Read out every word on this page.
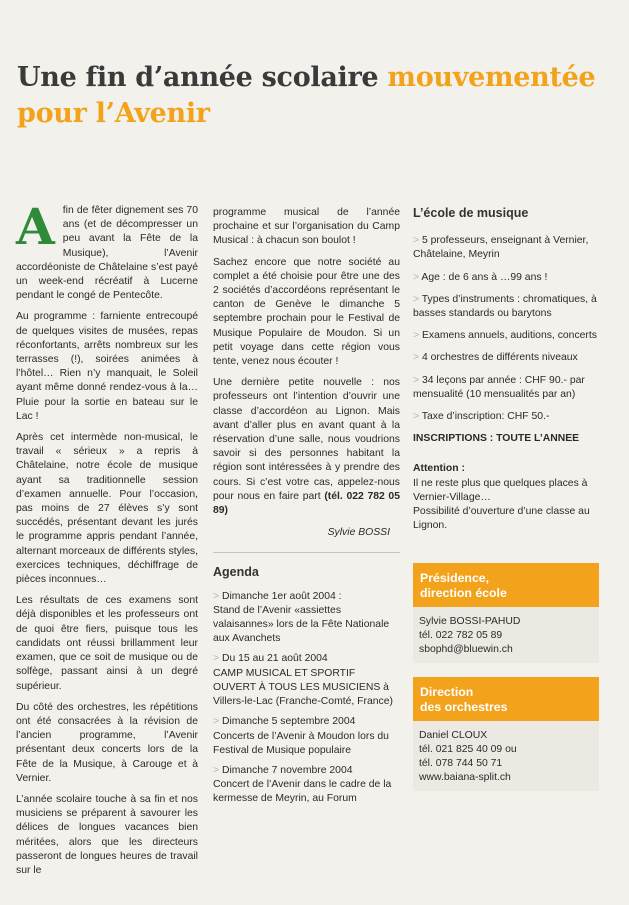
Une fin d’année scolaire mouvementée
pour l’Avenir

A fin de fêter dignement ses 70 ans (et de décompresser un peu avant la Fête de la Musique), l’Avenir accordéoniste de Châtelaine s’est payé un week-end récréatif à Lucerne pendant le congé de Pentecôte.

Au programme : farniente entrecoupé de quelques visites de musées, repas réconfortants, arrêts nombreux sur les terrasses (!), soirées animées à l’hôtel… Rien n’y manquait, le Soleil ayant même donné rendez-vous à la… Pluie pour la sortie en bateau sur le Lac !

Après cet intermède non-musical, le travail « sérieux » a repris à Châtelaine, notre école de musique ayant sa traditionnelle session d’examen annuelle. Pour l’occasion, pas moins de 27 élèves s’y sont succédés, présentant devant les jurés le programme appris pendant l’année, alternant morceaux de différents styles, exercices techniques, déchiffrage de pièces inconnues…

Les résultats de ces examens sont déjà disponibles et les professeurs ont de quoi être fiers, puisque tous les candidats ont réussi brillamment leur examen, que ce soit de musique ou de solfège, passant ainsi à un degré supérieur.

Du côté des orchestres, les répétitions ont été consacrées à la révision de l’ancien programme, l’Avenir présentant deux concerts lors de la Fête de la Musique, à Carouge et à Vernier.

L’année scolaire touche à sa fin et nos musiciens se préparent à savourer les délices de longues vacances bien méritées, alors que les directeurs passeront de longues heures de travail sur le

programme musical de l’année prochaine et sur l’organisation du Camp Musical : à chacun son boulot !

Sachez encore que notre société au complet a été choisie pour être une des 2 sociétés d’accordéons représentant le canton de Genève le dimanche 5 septembre prochain pour le Festival de Musique Populaire de Moudon. Si un petit voyage dans cette région vous tente, venez nous écouter !

Une dernière petite nouvelle : nos professeurs ont l’intention d’ouvrir une classe d’accordéon au Lignon. Mais avant d’aller plus en avant quant à la réservation d’une salle, nous voudrions savoir si des personnes habitant la région sont intéressées à y prendre des cours. Si c’est votre cas, appelez-nous pour nous en faire part (tél. 022 782 05 89)

Sylvie BOSSI
Agenda
> Dimanche 1er août 2004 :
Stand de l’Avenir «assiettes valaisannes» lors de la Fête Nationale aux Avanchets
> Du 15 au 21 août 2004
CAMP MUSICAL ET SPORTIF OUVERT À TOUS LES MUSICIENS à Villers-le-Lac (Franche-Comté, France)
> Dimanche 5 septembre 2004
Concerts de l’Avenir à Moudon lors du Festival de Musique populaire
> Dimanche 7 novembre 2004
Concert de l’Avenir dans le cadre de la kermesse de Meyrin, au Forum
L’école de musique
> 5 professeurs, enseignant à Vernier, Châtelaine, Meyrin
> Age : de 6 ans à …99 ans !
> Types d’instruments : chromatiques, à basses standards ou barytons
> Examens annuels, auditions, concerts
> 4 orchestres de différents niveaux
> 34 leçons par année : CHF 90.- par mensualité (10 mensualités par an)
> Taxe d’inscription: CHF 50.-
INSCRIPTIONS : TOUTE L’ANNEE
Attention :
Il ne reste plus que quelques places à Vernier-Village…
Possibilité d’ouverture d’une classe au Lignon.
Présidence,
direction école
Sylvie BOSSI-PAHUD
tél. 022 782 05 89
sbophd@bluewin.ch
Direction
des orchestres
Daniel CLOUX
tél. 021 825 40 09 ou
tél. 078 744 50 71
www.baiana-split.ch
